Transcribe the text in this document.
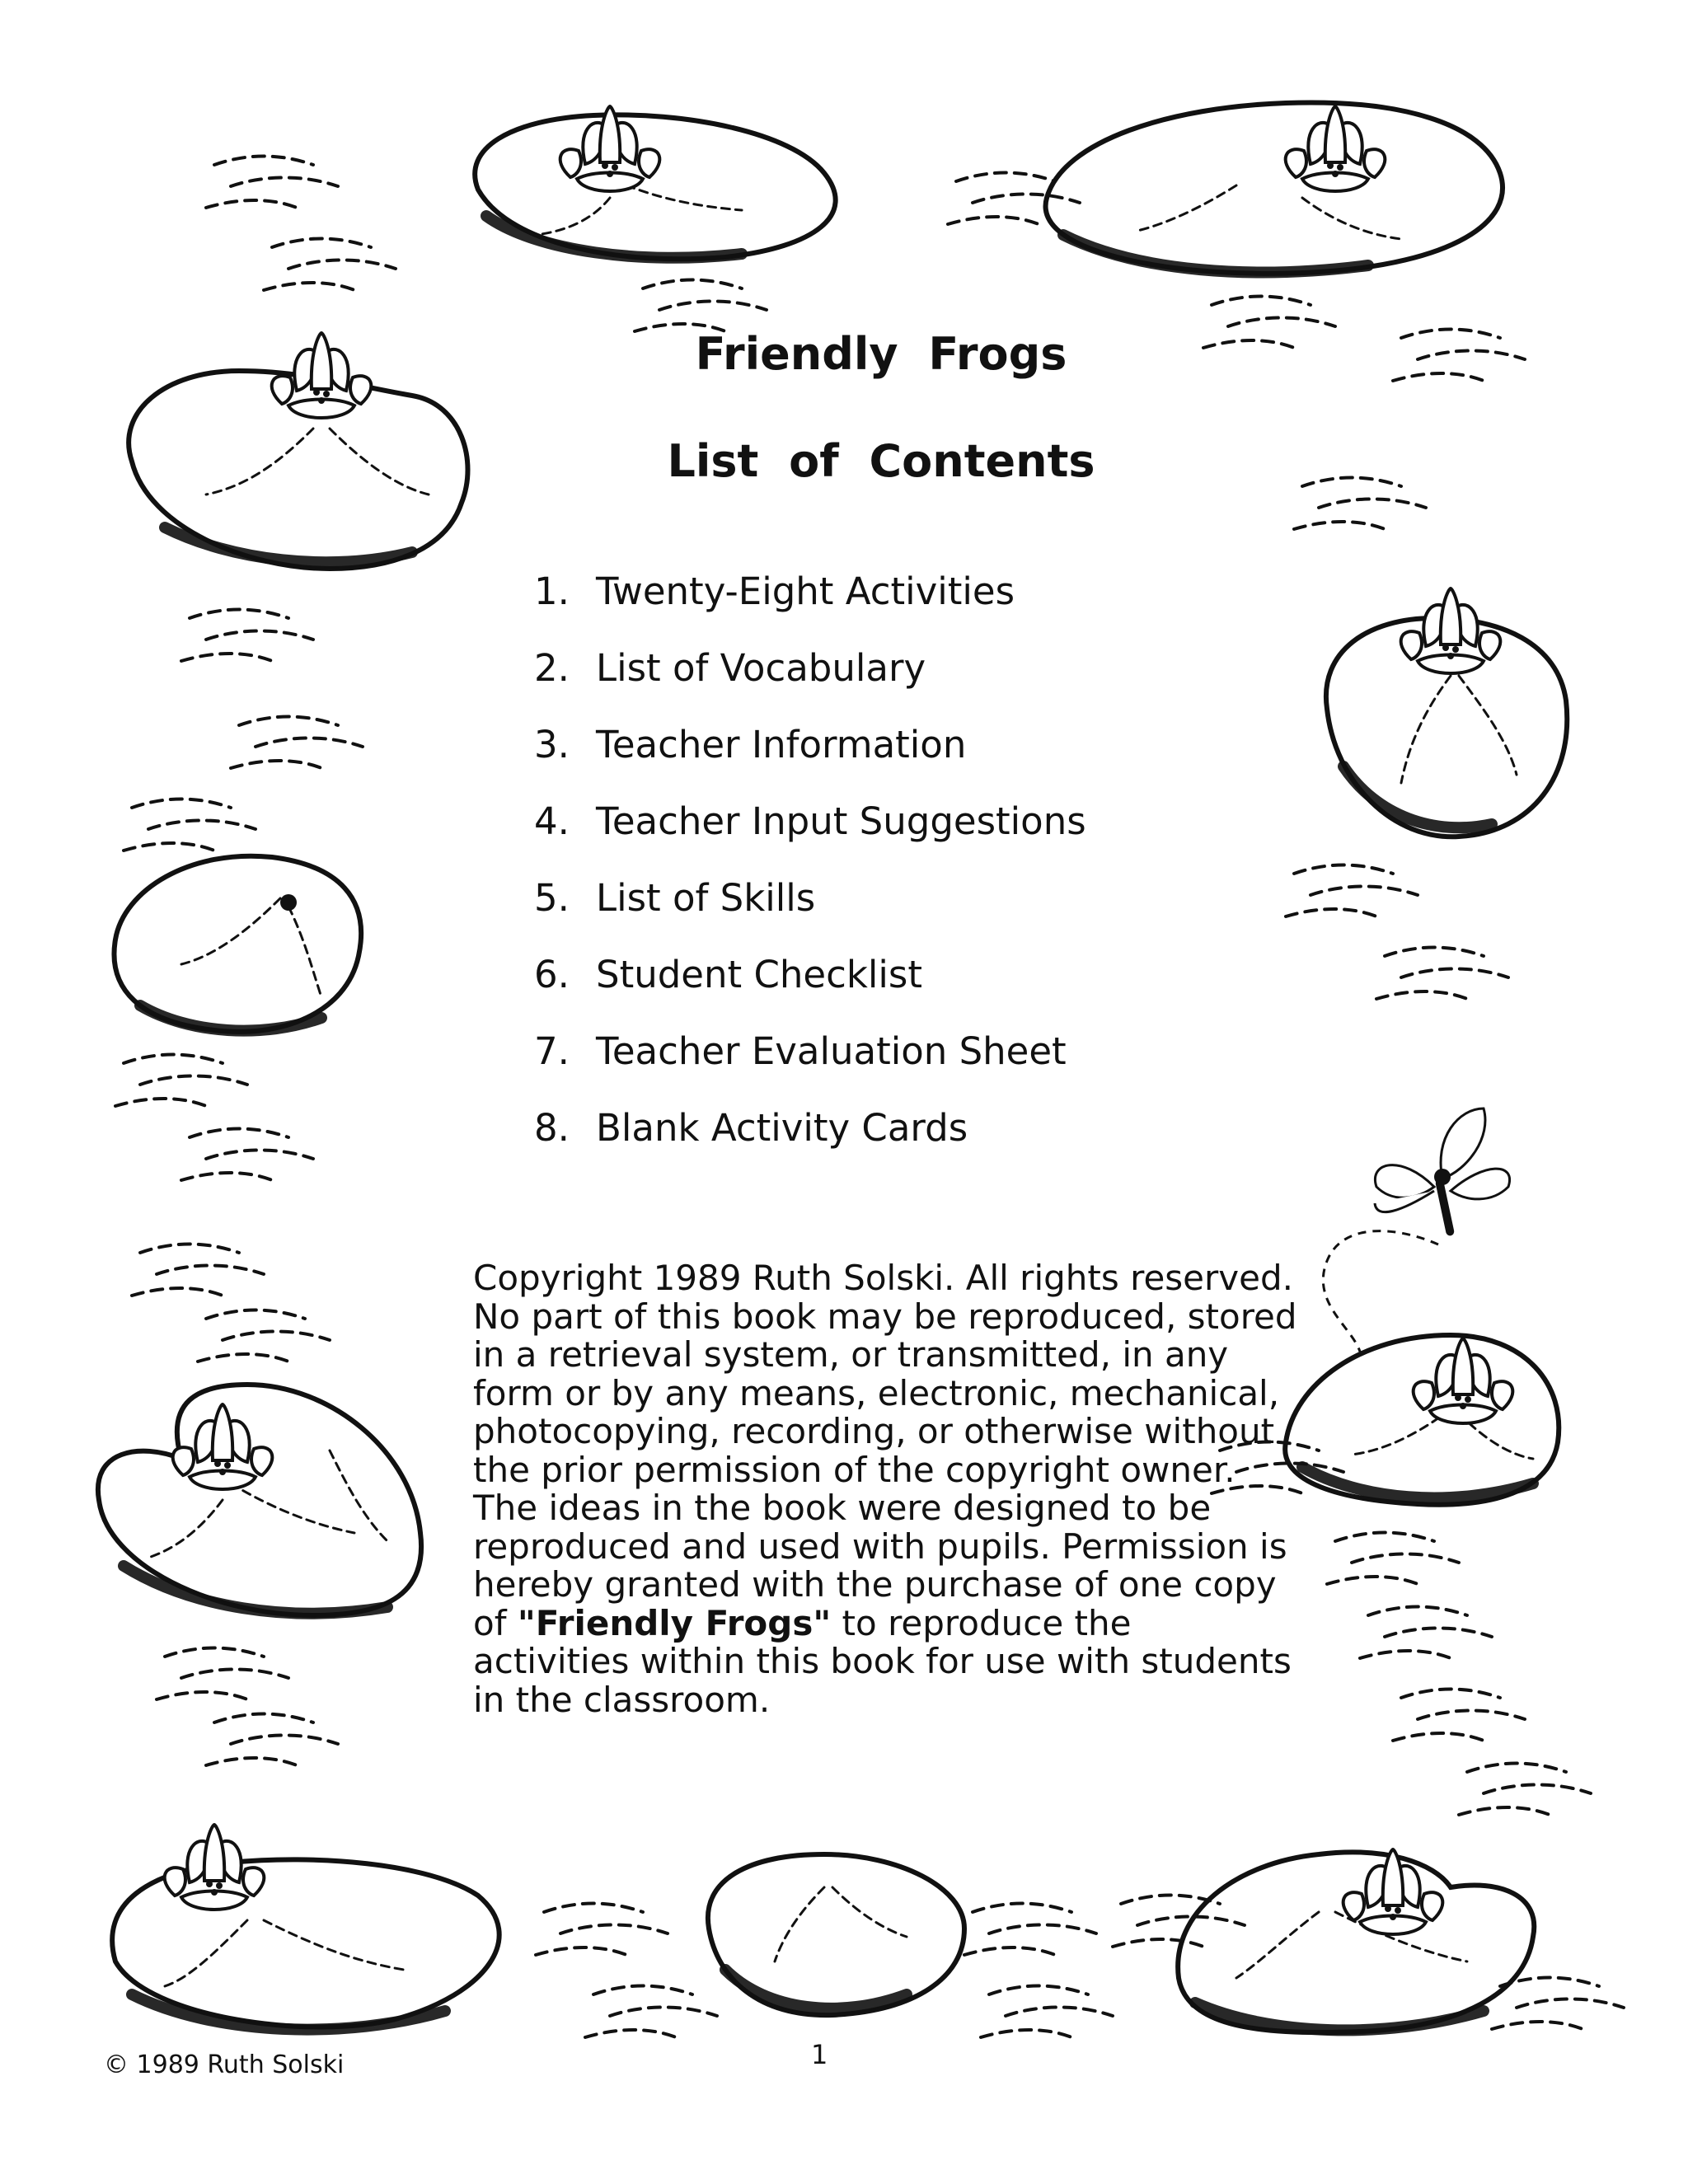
Friendly Frogs
List of Contents
1. Twenty-Eight Activities
2. List of Vocabulary
3. Teacher Information
4. Teacher Input Suggestions
5. List of Skills
6. Student Checklist
7. Teacher Evaluation Sheet
8. Blank Activity Cards

Copyright 1989 Ruth Solski. All rights reserved. No part of this book may be reproduced, stored in a retrieval system, or transmitted, in any form or by any means, electronic, mechanical, photocopying, recording, or otherwise without the prior permission of the copyright owner. The ideas in the book were designed to be reproduced and used with pupils. Permission is hereby granted with the purchase of one copy of "Friendly Frogs" to reproduce the activities within this book for use with students in the classroom.

© 1989 Ruth Solski	1
